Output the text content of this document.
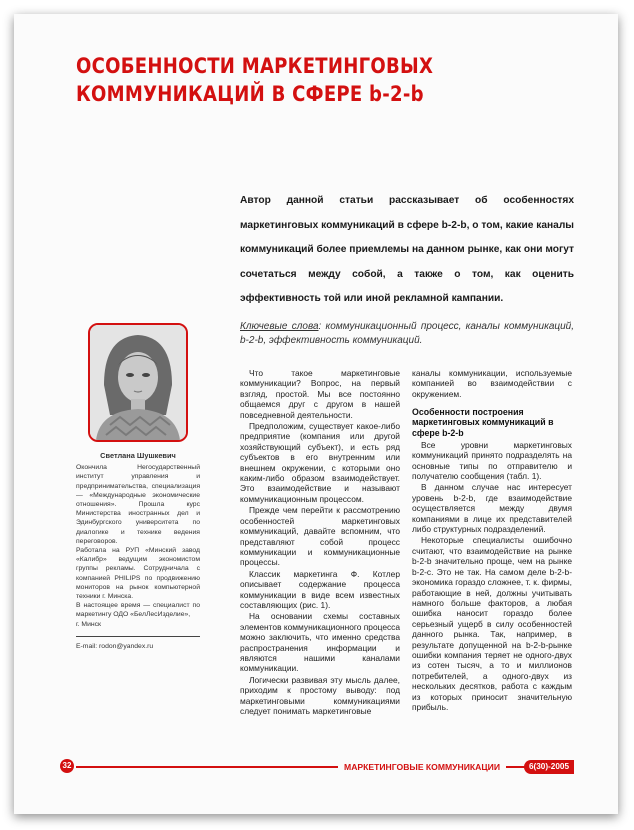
ОСОБЕННОСТИ МАРКЕТИНГОВЫХ
КОММУНИКАЦИЙ В СФЕРЕ b-2-b
Автор данной статьи рассказывает об особенностях маркетинговых коммуникаций в сфере b-2-b, о том, какие каналы коммуникаций более приемлемы на данном рынке, как они могут сочетаться между собой, а также о том, как оценить эффективность той или иной рекламной кампании.
Ключевые слова: коммуникационный процесс, каналы коммуникаций, b-2-b, эффективность коммуникаций.
Светлана Шушкевич

Окончила Негосударственный институт управления и предпринимательства, специализация — «Международные экономические отношения». Прошла курс Министерства иностранных дел и Эдинбургского университета по диалогике и технике ведения переговоров.

Работала на РУП «Минский завод «Калибр» ведущим экономистом группы рекламы. Сотрудничала с компанией PHILIPS по продвижению мониторов на рынок компьютерной техники г. Минска.

В настоящее время — специалист по маркетингу ОДО «БелЛесИзделие»,

г. Минск

E-mail: rodon@yandex.ru

Что такое маркетинговые коммуникации? Вопрос, на первый взгляд, простой. Мы все постоянно общаемся друг с другом в нашей повседневной деятельности.

Предположим, существует какое-либо предприятие (компания или другой хозяйствующий субъект), и есть ряд субъектов в его внутренним или внешнем окружении, с которыми оно каким-либо образом взаимодействует. Это взаимодействие и называют коммуникационным процессом.

Прежде чем перейти к рассмотрению особенностей маркетинговых коммуникаций, давайте вспомним, что представляют собой процесс коммуникации и коммуникационные процессы.

Классик маркетинга Ф. Котлер описывает содержание процесса коммуникации в виде всем известных составляющих (рис. 1).

На основании схемы составных элементов коммуникационного процесса можно заключить, что именно средства распространения информации и являются нашими каналами коммуникации.

Логически развивая эту мысль далее, приходим к простому выводу: под маркетинговыми коммуникациями следует понимать маркетинговые

каналы коммуникации, используемые компанией во взаимодействии с окружением.

Особенности построения маркетинговых коммуникаций в сфере b-2-b

Все уровни маркетинговых коммуникаций принято подразделять на основные типы по отправителю и получателю сообщения (табл. 1).

В данном случае нас интересует уровень b-2-b, где взаимодействие осуществляется между двумя компаниями в лице их представителей либо структурных подразделений.

Некоторые специалисты ошибочно считают, что взаимодействие на рынке b-2-b значительно проще, чем на рынке b-2-c. Это не так. На самом деле b-2-b-экономика гораздо сложнее, т. к. фирмы, работающие в ней, должны учитывать намного больше факторов, а любая ошибка наносит гораздо более серьезный ущерб в силу особенностей данного рынка. Так, например, в результате допущенной на b-2-b-рынке ошибки компания теряет не одного-двух из сотен тысяч, а то и миллионов потребителей, а одного-двух из нескольких десятков, работа с каждым из которых приносит значительную прибыль.

32	МАРКЕТИНГОВЫЕ КОММУНИКАЦИИ	6(30)-2005
